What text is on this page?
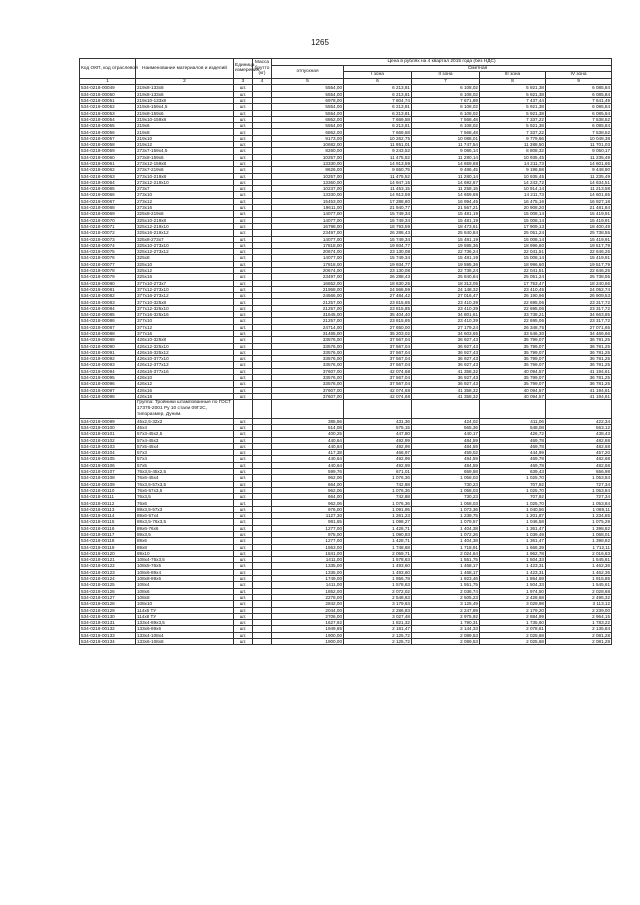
1265
Код ОКП, код отраслевой	Наименование материалов и изделий	Единица измерения	Масса брутто (кг)	Цена в рублях на 4 квартал 2015 года (без НДС)				
				отпускная	Сметная			
					I зона	II зона	III зона	IV зона
1	2	3	4	5	6	7	8	9
534-0218-00049	219х8-133х8	шт.		5554,00	6 213,81	6 108,02	5 921,38	6 085,84
534-0218-00050	219х8-133х6	шт.		5554,00	6 213,81	6 108,02	5 921,38	6 085,84
534-0218-00051	219х10-133х8	шт.		6978,00	7 804,74	7 671,89	7 437,44	7 641,49
534-0218-00052	219х6-159х4,5	шт.		5554,00	6 213,81	6 108,02	5 921,38	6 085,84
534-0218-00053	219х8-159х6	шт.		5554,00	6 213,81	6 108,02	5 921,38	6 085,84
534-0218-00054	219х10-159х8	шт.		6862,00	7 669,58	7 568,48	7 337,22	7 538,52
534-0218-00055	219х6	шт.		5554,00	6 213,81	6 108,02	5 921,38	6 085,84
534-0218-00056	219х8	шт.		6862,00	7 669,58	7 568,48	7 337,22	7 538,52
534-0218-00057	219х10	шт.		9173,00	10 262,75	10 088,01	9 779,66	10 048,38
534-0218-00058	219х12	шт.		10682,00	11 951,01	11 747,54	11 388,50	11 701,03
534-0218-00059	273х7-159х4,5	шт.		8260,00	9 243,52	9 086,14	8 808,32	9 050,17
534-0218-00060	273х8-159х6	шт.		10257,00	11 475,52	11 280,14	10 935,45	11 235,49
534-0218-00061	273х12-159х8	шт.		13330,00	14 913,59	14 659,68	14 211,73	14 601,65
534-0218-00062	273х7-219х6	шт.		8626,00	9 650,75	9 486,45	9 196,58	9 448,90
534-0218-00063	273х10-219х8	шт.		10257,00	11 475,52	11 280,14	10 935,45	11 235,49
534-0218-00064	273х12-219х10	шт.		13360,00	14 947,15	14 692,67	14 243,72	14 634,51
534-0218-00065	273х7	шт.		10237,00	11 453,15	11 258,15	10 914,14	11 213,58
534-0218-00066	273х10	шт.		13330,00	14 913,59	14 659,68	14 211,73	14 601,65
534-0218-00067	273х12	шт.		15453,00	17 288,80	16 994,45	16 475,16	16 927,18
534-0218-00068	273х16	шт.		19611,00	21 940,77	21 567,21	20 908,20	21 481,84
534-0218-00069	325х8-219х6	шт.		14077,00	15 749,34	15 481,19	15 008,14	15 419,91
534-0218-00070	325х10-219х8	шт.		14077,00	15 749,34	15 481,19	15 008,14	15 419,91
534-0218-00071	325х12-219х10	шт.		16798,00	18 793,59	18 473,61	17 909,13	18 400,49
534-0218-00072	325х16-219х12	шт.		23497,00	26 288,43	25 840,84	25 051,24	25 738,55
534-0218-00073	325х8-273х7	шт.		14077,00	15 749,34	15 481,19	15 008,14	15 419,91
534-0218-00074	325х10-273х10	шт.		17818,00	19 934,77	19 595,36	18 996,60	19 517,79
534-0218-00075	325х12-273х12	шт.		20674,00	23 130,08	22 736,24	22 041,51	22 646,25
534-0218-00076	325х8	шт.		14077,00	15 749,34	15 481,19	15 008,14	15 419,91
534-0218-00077	325х10	шт.		17818,00	19 934,77	19 595,36	18 996,60	19 517,79
534-0218-00078	325х12	шт.		20674,00	23 130,08	22 736,24	22 041,51	22 646,25
534-0218-00079	325х16	шт.		23497,00	26 288,43	25 840,84	25 051,24	25 738,55
534-0218-00080	377х10-273х7	шт.		16652,00	18 630,25	18 313,05	17 753,47	18 240,56
534-0218-00081	377х12-273х10	шт.		21958,00	24 566,59	24 148,32	23 410,45	24 052,74
534-0218-00082	377х16-273х12	шт.		24566,00	27 484,42	27 016,47	26 190,96	26 909,53
534-0218-00083	377х10-325х8	шт.		21257,00	23 815,85	23 410,39	22 695,06	23 317,72
534-0218-00084	377х12-325х10	шт.		21257,00	23 815,85	23 410,39	22 695,06	23 317,72
534-0218-00085	377х16-325х16	шт.		31645,00	35 404,40	34 801,61	33 738,21	34 663,85
534-0218-00086	377х10	шт.		21257,00	23 815,85	23 410,39	22 695,06	23 317,72
534-0218-00087	377х12	шт.		24714,00	27 650,00	27 179,24	26 348,75	27 071,65
534-0218-00088	377х16	шт.		31465,00	35 203,02	34 603,65	33 546,30	34 466,66
534-0218-00089	426х10-325х8	шт.		33576,00	37 567,04	36 927,43	35 799,07	36 781,25
534-0218-00090	426х12-325х10	шт.		33576,00	37 567,04	36 927,43	35 799,07	36 781,25
534-0218-00091	426х16-325х12	шт.		33576,00	37 567,04	36 927,43	35 799,07	36 781,25
534-0218-00092	426х10-377х10	шт.		33576,00	37 567,04	36 927,43	35 799,07	36 781,25
534-0218-00093	426х12-377х12	шт.		33576,00	37 567,04	36 927,43	35 799,07	36 781,25
534-0218-00094	426х16-377х16	шт.		37607,00	42 074,68	41 358,32	40 094,57	41 194,61
534-0218-00095	426х10	шт.		33576,00	37 567,04	36 927,43	35 799,07	36 781,25
534-0218-00096	426х12	шт.		33576,00	37 567,04	36 927,43	35 799,07	36 781,25
534-0218-00097	426х16	шт.		37607,00	42 074,68	41 358,32	40 094,57	41 194,61
534-0218-00098	426х18	шт.		37607,00	42 074,68	41 358,32	40 094,57	41 194,61
	Группа: Тройники штампованные по ГОСТ 17376-2001 Ру 10 стали 09Г2С, типоразмер, Дуним.							
534-0218-00099	45х2,5-32х2	шт.		385,56	431,36	424,02	411,06	422,34
534-0218-00100	45х4	шт.		514,08	575,15	565,36	548,08	563,12
534-0218-00101	57х3-45х2,5	шт.		400,25	447,80	440,17	426,72	438,43
534-0218-00102	57х4-45х3	шт.		440,64	492,99	484,59	469,78	482,68
534-0218-00103	57х5-45х4	шт.		440,64	492,99	484,59	469,78	482,68
534-0218-00104	57х3	шт.		417,38	466,97	459,02	444,99	457,20
534-0218-00105	57х4	шт.		440,64	492,99	484,59	469,78	482,68
534-0218-00106	57х5	шт.		440,64	492,99	484,59	469,78	482,68
534-0218-00107	76х3,5-45х2,5	шт.		599,76	671,01	659,58	639,43	656,98
534-0218-00108	76х6-45х4	шт.		962,06	1 076,36	1 058,03	1 025,70	1 053,84
534-0218-00109	76х3,5-57х3,5	шт.		664,00	742,88	730,23	707,92	727,34
534-0218-00110	76х6-57х3,5	шт.		962,06	1 076,36	1 058,03	1 025,70	1 053,84
534-0218-00111	76х3,5	шт.		664,00	742,88	730,23	707,92	727,34
534-0218-00112	76х6	шт.		962,06	1 076,36	1 058,03	1 025,70	1 053,84
534-0218-00113	89х3,5-57х3	шт.		976,00	1 091,95	1 073,36	1 040,56	1 069,11
534-0218-00114	89х6-57х4	шт.		1127,30	1 261,23	1 239,75	1 201,87	1 234,85
534-0218-00115	89х3,5-76х3,5	шт.		981,65	1 098,27	1 079,57	1 046,58	1 075,29
534-0218-00116	89х6-76х6	шт.		1277,00	1 428,71	1 404,38	1 361,47	1 398,82
534-0218-00117	89х3,5	шт.		975,00	1 090,83	1 072,26	1 039,49	1 068,01
534-0218-00118	89х6	шт.		1277,00	1 428,71	1 404,38	1 361,47	1 398,82
534-0218-00119	89х8	шт.		1563,00	1 748,68	1 718,91	1 666,39	1 712,11
534-0218-00120	89х10	шт.		1841,00	2 059,71	2 024,64	1 962,78	2 016,63
534-0218-00121	108х4-76х3,5	шт.		1411,00	1 578,63	1 551,75	1 504,33	1 545,61
534-0218-00122	108х5-76х5	шт.		1335,00	1 493,60	1 468,17	1 423,31	1 462,36
534-0218-00123	108х6-89х4	шт.		1335,00	1 493,60	1 468,17	1 423,31	1 462,36
534-0218-00124	108х8-89х6	шт.		1749,00	1 956,78	1 923,46	1 864,69	1 915,85
534-0218-00125	108х4	шт.		1411,00	1 578,63	1 551,75	1 504,33	1 545,61
534-0218-00126	108х6	шт.		1852,00	2 072,02	2 036,74	1 974,50	2 028,68
534-0218-00127	108х8	шт.		2278,00	2 548,63	2 505,23	2 428,68	2 495,32
534-0218-00128	108х10	шт.		2842,00	3 179,63	3 125,49	3 029,98	3 113,12
534-0218-00129	114х6 ТУ	шт.		2044,00	2 286,83	2 247,89	2 179,20	2 239,00
534-0218-00130	114х8 ТУ	шт.		2706,00	3 027,48	2 975,92	2 884,99	2 964,15
534-0218-00131	133х4-89х3,5	шт.		1627,92	1 821,32	1 790,31	1 735,60	1 783,22
534-0218-00132	133х6-89х6	шт.		1949,85	2 181,47	2 144,33	2 078,81	2 135,84
534-0218-00133	133х4-108х4	шт.		1900,00	2 125,72	2 089,53	2 025,68	2 081,28
534-0218-00134	133х6-108х6	шт.		1900,00	2 125,72	2 089,53	2 025,68	2 081,28
